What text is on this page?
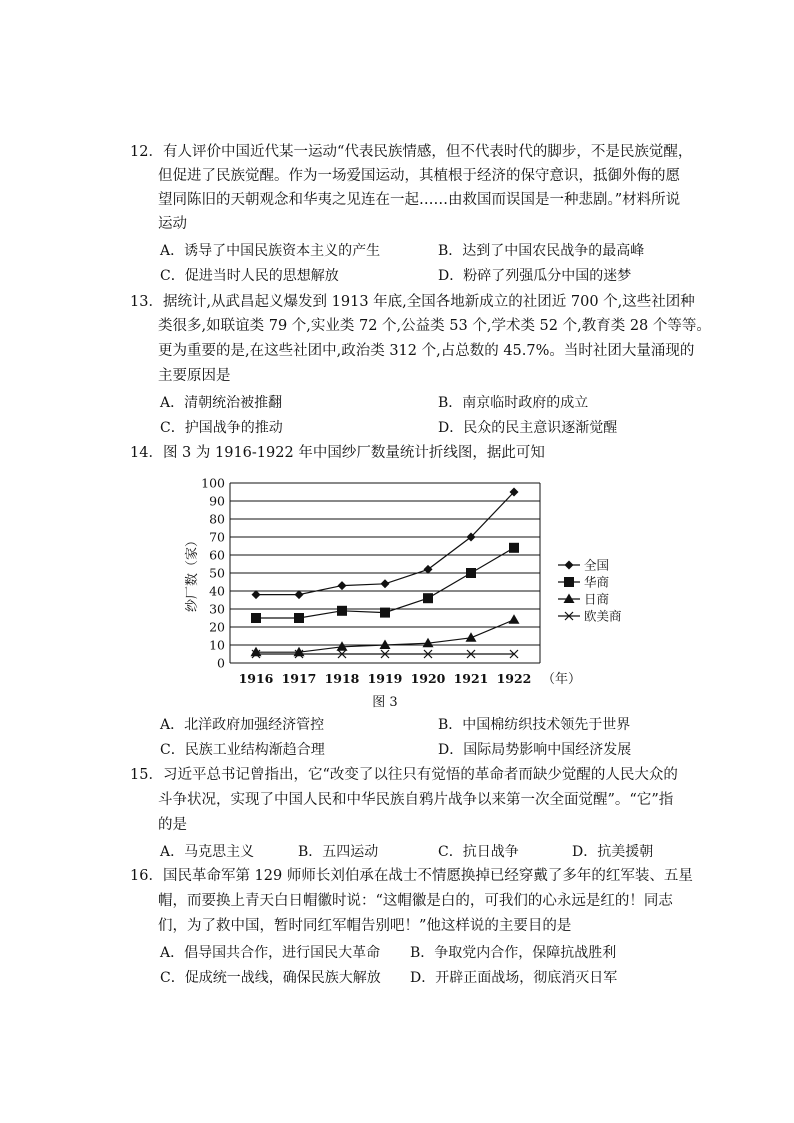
12．有人评价中国近代某一运动“代表民族情感，但不代表时代的脚步，不是民族觉醒，
但促进了民族觉醒。作为一场爱国运动，其植根于经济的保守意识，抵御外侮的愿
望同陈旧的天朝观念和华夷之见连在一起……由救国而误国是一种悲剧。”材料所说
运动
A．诱导了中国民族资本主义的产生	B．达到了中国农民战争的最高峰
C．促进当时人民的思想解放	D．粉碎了列强瓜分中国的迷梦
13．据统计,从武昌起义爆发到 1913 年底,全国各地新成立的社团近 700 个,这些社团种
类很多,如联谊类 79 个,实业类 72 个,公益类 53 个,学术类 52 个,教育类 28 个等等。
更为重要的是,在这些社团中,政治类 312 个,占总数的 45.7%。当时社团大量涌现的
主要原因是
A．清朝统治被推翻	B．南京临时政府的成立
C．护国战争的推动	D．民众的民主意识逐渐觉醒
14．图 3 为 1916-1922 年中国纱厂数量统计折线图，据此可知
0
10
20
30
40
50
60
70
80
90
100
1916 1917 1918 1919 1920 1921 1922
全国
华商
日商
欧美商
纱厂数（家）
（年）
图 3
A．北洋政府加强经济管控	B．中国棉纺织技术领先于世界
C．民族工业结构渐趋合理	D．国际局势影响中国经济发展
15．习近平总书记曾指出，它“改变了以往只有觉悟的革命者而缺少觉醒的人民大众的
斗争状况，实现了中国人民和中华民族自鸦片战争以来第一次全面觉醒”。“它”指
的是
A．马克思主义	B．五四运动	C．抗日战争	D．抗美援朝
16．国民革命军第 129 师师长刘伯承在战士不情愿换掉已经穿戴了多年的红军装、五星
帽，而要换上青天白日帽徽时说：“这帽徽是白的，可我们的心永远是红的！同志
们，为了救中国，暂时同红军帽告别吧！”他这样说的主要目的是
A．倡导国共合作，进行国民大革命 B．争取党内合作，保障抗战胜利
C．促成统一战线，确保民族大解放 D．开辟正面战场，彻底消灭日军
